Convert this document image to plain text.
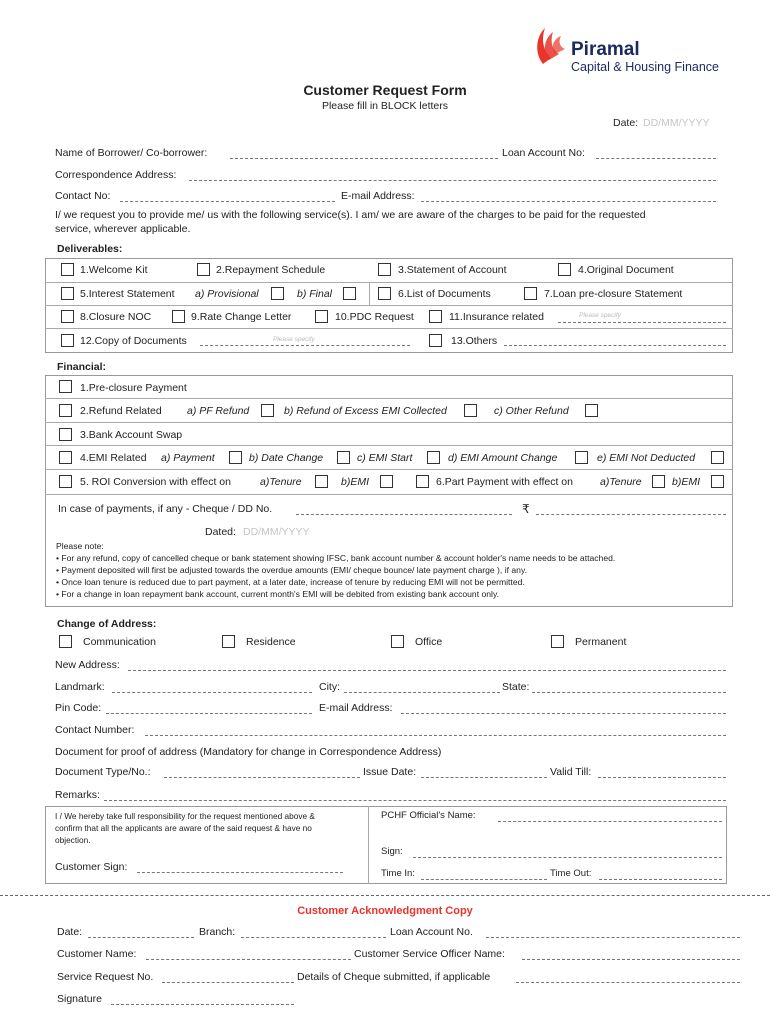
Piramal
Capital & Housing Finance
Customer Request Form
Please fill in BLOCK letters
Date: DD/MM/YYYY
Name of Borrower/ Co-borrower:	Loan Account No:
Correspondence Address:
Contact No:	E-mail Address:
I/ we request you to provide me/ us with the following service(s). I am/ we are aware of the charges to be paid for the requested
service, wherever applicable.
Deliverables:
1.Welcome Kit	2.Repayment Schedule	3.Statement of Account	4.Original Document
5.Interest Statement a) Provisional	b) Final	6.List of Documents	7.Loan pre-closure Statement
8.Closure NOC	9.Rate Change Letter	10.PDC Request	11.Insurance related	Please specify
12.Copy of Documents	Please specify	13.Others
Financial:
1.Pre-closure Payment
2.Refund Related a) PF Refund	b) Refund of Excess EMI Collected	c) Other Refund
3.Bank Account Swap
4.EMI Related a) Payment	b) Date Change	c) EMI Start	d) EMI Amount Change	e) EMI Not Deducted
5. ROI Conversion with effect on	a)Tenure	b)EMI	6.Part Payment with effect on	a)Tenure	b)EMI
In case of payments, if any - Cheque / DD No.	₹
Dated: DD/MM/YYYY
Please note:
• For any refund, copy of cancelled cheque or bank statement showing IFSC, bank account number & account holder's name needs to be attached.
• Payment deposited will first be adjusted towards the overdue amounts (EMI/ cheque bounce/ late payment charge ), if any.
• Once loan tenure is reduced due to part payment, at a later date, increase of tenure by reducing EMI will not be permitted.
• For a change in loan repayment bank account, current month's EMI will be debited from existing bank account only.
Change of Address:
Communication	Residence	Office	Permanent
New Address:
Landmark:	City:	State:
Pin Code:	E-mail Address:
Contact Number:
Document for proof of address (Mandatory for change in Correspondence Address)
Document Type/No.:	Issue Date:	Valid Till:
Remarks:
I / We hereby take full responsibility for the request mentioned above &
confirm that all the applicants are aware of the said request & have no
objection.
Customer Sign:
PCHF Official's Name:
Sign:
Time In:	Time Out:
Customer Acknowledgment Copy
Date:	Branch:	Loan Account No.
Customer Name:	Customer Service Officer Name:
Service Request No.	Details of Cheque submitted, if applicable
Signature
